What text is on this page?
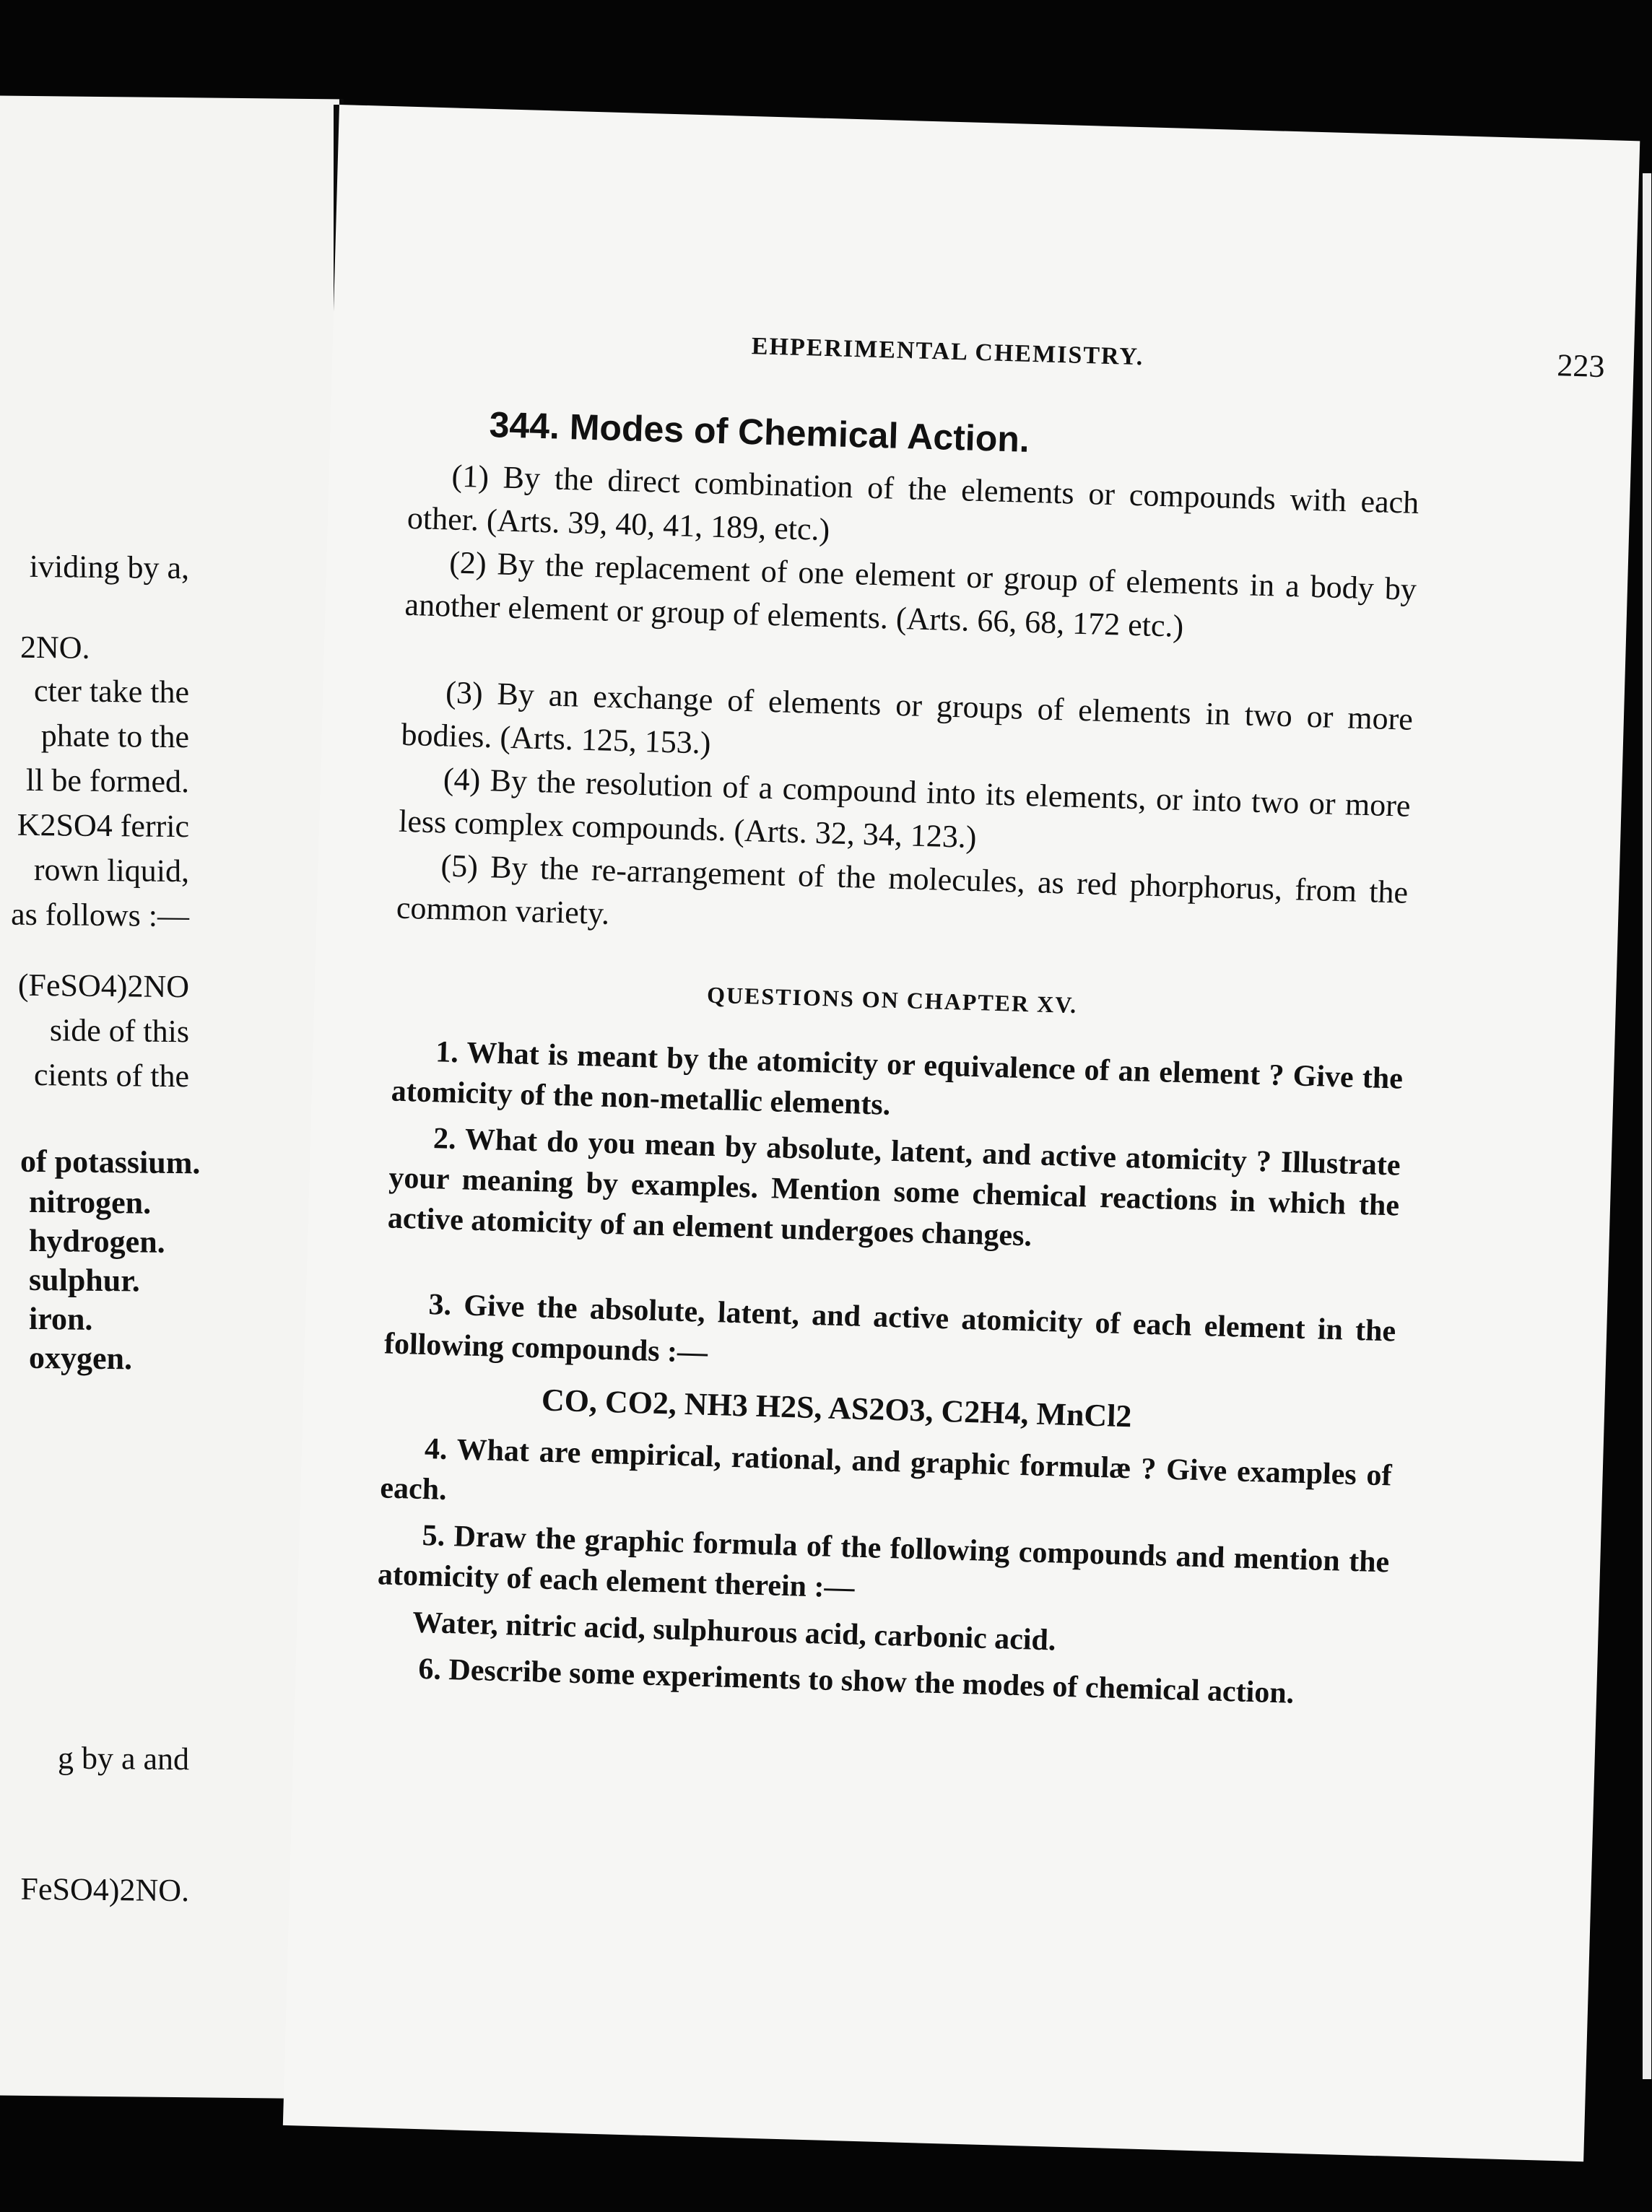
ividing by a,
2NO.
cter take the
phate to the
ll be formed.
K2SO4 ferric
rown liquid,
as follows :—
(FeSO4)2NO
side of this
cients of the
of potassium.
nitrogen.
hydrogen.
sulphur.
iron.
oxygen.
g by a and
FeSO4)2NO.
EHPERIMENTAL CHEMISTRY.	223
344. Modes of Chemical Action.
(1) By the direct combination of the elements or compounds with each other. (Arts. 39, 40, 41, 189, etc.)
(2) By the replacement of one element or group of elements in a body by another element or group of elements. (Arts. 66, 68, 172 etc.)
(3) By an exchange of elements or groups of elements in two or more bodies. (Arts. 125, 153.)
(4) By the resolution of a compound into its elements, or into two or more less complex compounds. (Arts. 32, 34, 123.)
(5) By the re-arrangement of the molecules, as red phorphorus, from the common variety.
QUESTIONS ON CHAPTER XV.
1. What is meant by the atomicity or equivalence of an element ? Give the atomicity of the non-metallic elements.
2. What do you mean by absolute, latent, and active atomicity ? Illustrate your meaning by examples. Mention some chemical reactions in which the active atomicity of an element undergoes changes.
3. Give the absolute, latent, and active atomicity of each element in the following compounds :—
CO, CO2, NH3 H2S, AS2O3, C2H4, MnCl2
4. What are empirical, rational, and graphic formulæ ? Give examples of each.
5. Draw the graphic formula of the following compounds and mention the atomicity of each element therein :—
Water, nitric acid, sulphurous acid, carbonic acid.
6. Describe some experiments to show the modes of chemical action.
